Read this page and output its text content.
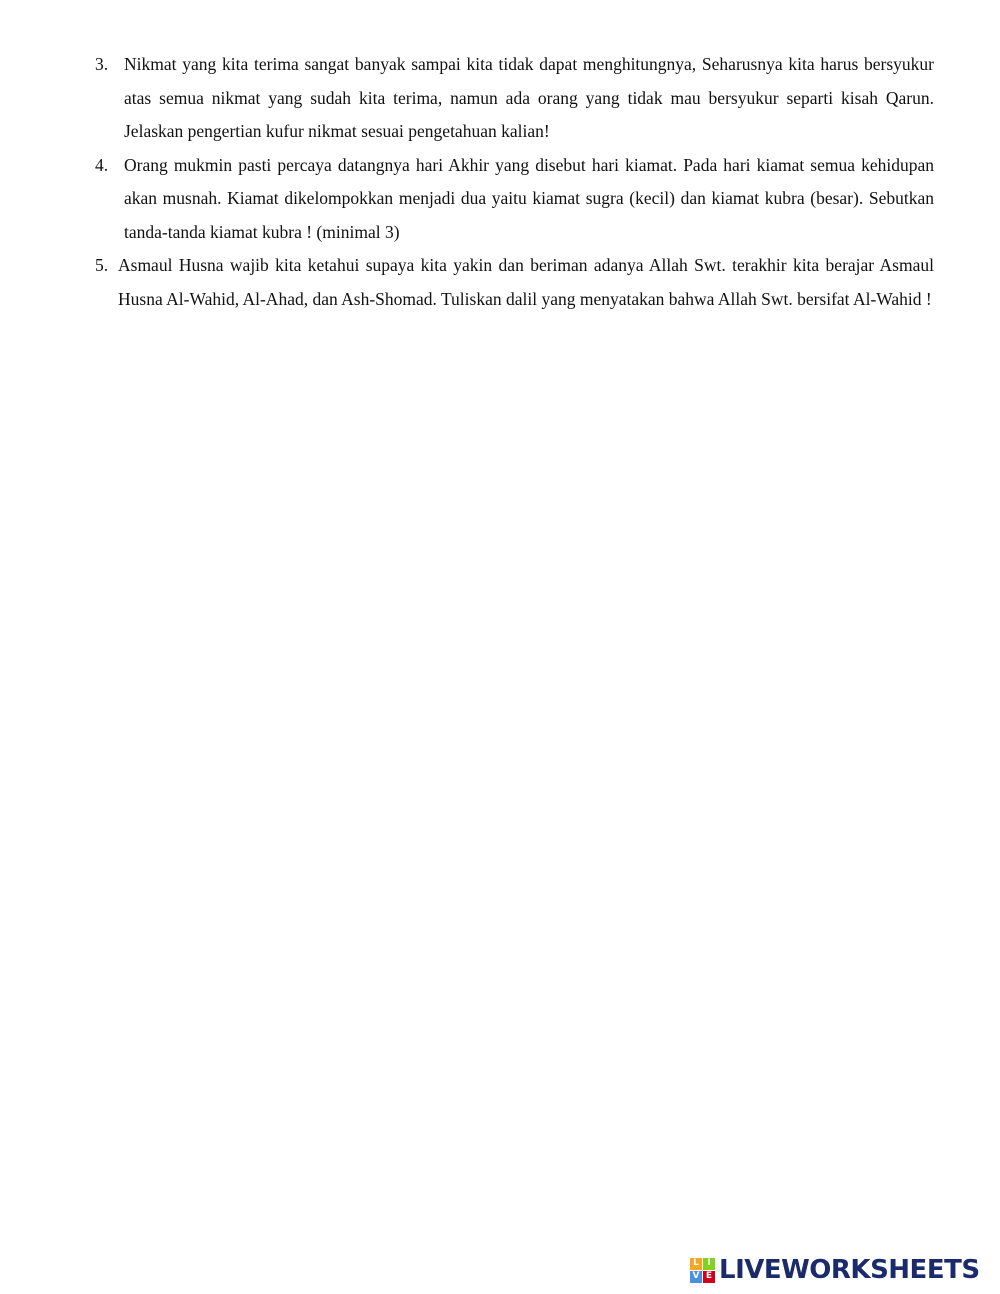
3. Nikmat yang kita terima sangat banyak sampai kita tidak dapat menghitungnya, Seharusnya kita harus bersyukur atas semua nikmat yang sudah kita terima, namun ada orang yang tidak mau bersyukur separti kisah Qarun. Jelaskan pengertian kufur nikmat sesuai pengetahuan kalian!
4. Orang mukmin pasti percaya datangnya hari Akhir yang disebut hari kiamat. Pada hari kiamat semua kehidupan akan musnah. Kiamat dikelompokkan menjadi dua yaitu kiamat sugra (kecil) dan kiamat kubra (besar). Sebutkan tanda-tanda kiamat kubra ! (minimal 3)
5. Asmaul Husna wajib kita ketahui supaya kita yakin dan beriman adanya Allah Swt. terakhir kita berajar Asmaul Husna Al-Wahid, Al-Ahad, dan Ash-Shomad. Tuliskan dalil yang menyatakan bahwa Allah Swt. bersifat Al-Wahid !
L I
V E LIVEWORKSHEETS
